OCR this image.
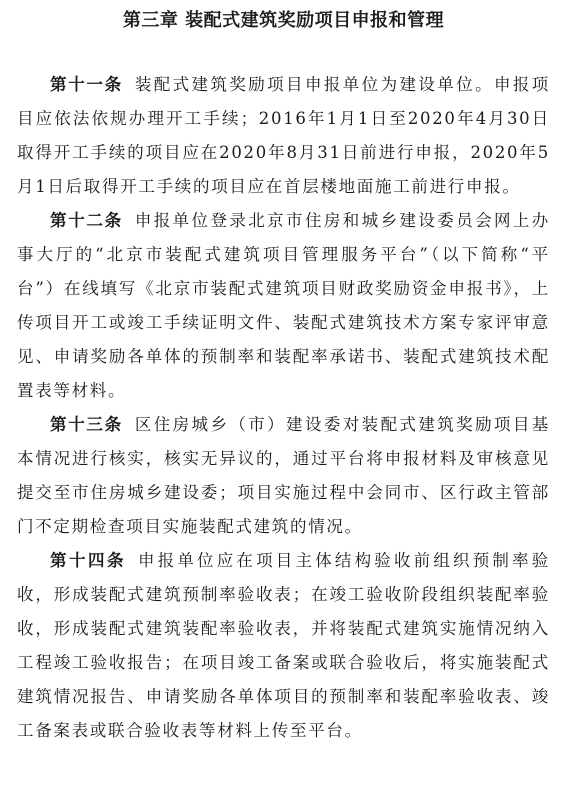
第三章 装配式建筑奖励项目申报和管理

第十一条 装配式建筑奖励项目申报单位为建设单位。申报项目应依法依规办理开工手续；2016年1月1日至2020年4月30日取得开工手续的项目应在2020年8月31日前进行申报，2020年5月1日后取得开工手续的项目应在首层楼地面施工前进行申报。

第十二条 申报单位登录北京市住房和城乡建设委员会网上办事大厅的“北京市装配式建筑项目管理服务平台”（以下简称“平台”）在线填写《北京市装配式建筑项目财政奖励资金申报书》，上传项目开工或竣工手续证明文件、装配式建筑技术方案专家评审意见、申请奖励各单体的预制率和装配率承诺书、装配式建筑技术配置表等材料。

第十三条 区住房城乡（市）建设委对装配式建筑奖励项目基本情况进行核实，核实无异议的，通过平台将申报材料及审核意见提交至市住房城乡建设委；项目实施过程中会同市、区行政主管部门不定期检查项目实施装配式建筑的情况。

第十四条 申报单位应在项目主体结构验收前组织预制率验收，形成装配式建筑预制率验收表；在竣工验收阶段组织装配率验收，形成装配式建筑装配率验收表，并将装配式建筑实施情况纳入工程竣工验收报告；在项目竣工备案或联合验收后，将实施装配式建筑情况报告、申请奖励各单体项目的预制率和装配率验收表、竣工备案表或联合验收表等材料上传至平台。
